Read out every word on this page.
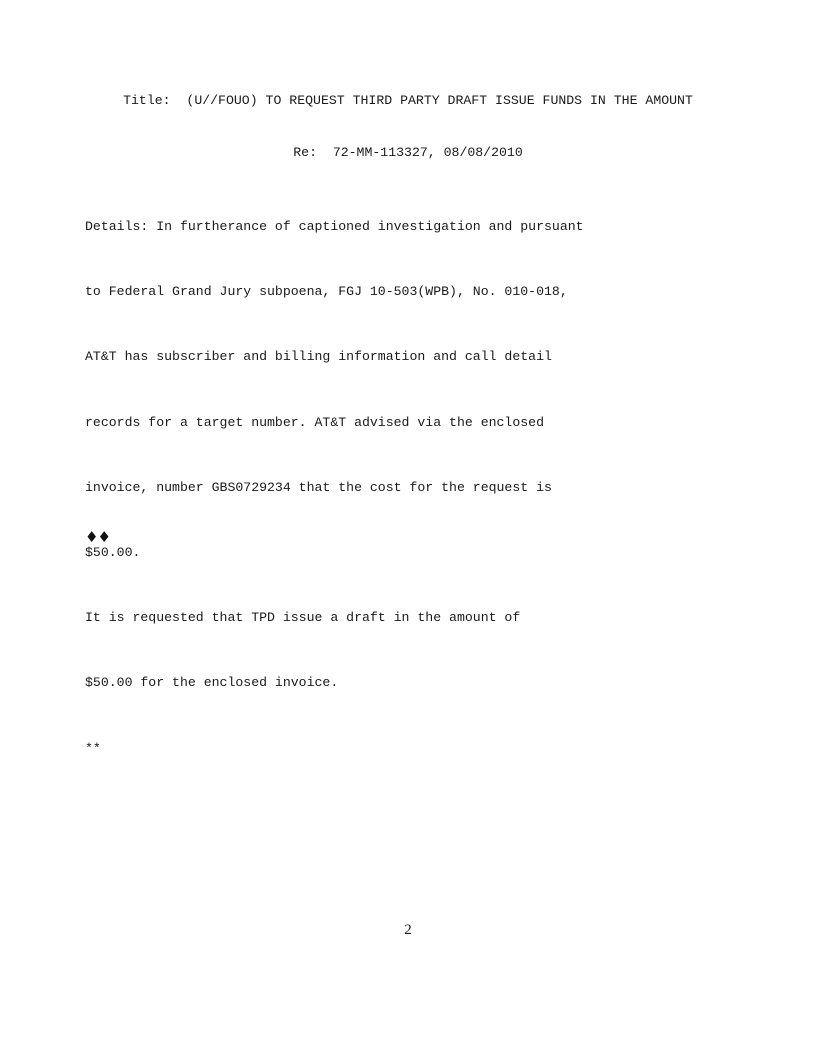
Title:  (U//FOUO) TO REQUEST THIRD PARTY DRAFT ISSUE FUNDS IN THE AMOUNT

Re:  72-MM-113327, 08/08/2010

Details: In furtherance of captioned investigation and pursuant

to Federal Grand Jury subpoena, FGJ 10-503(WPB), No. 010-018,

AT&T has subscriber and billing information and call detail

records for a target number. AT&T advised via the enclosed

invoice, number GBS0729234 that the cost for the request is

$50.00.

It is requested that TPD issue a draft in the amount of

$50.00 for the enclosed invoice.

**

♦♦
2
